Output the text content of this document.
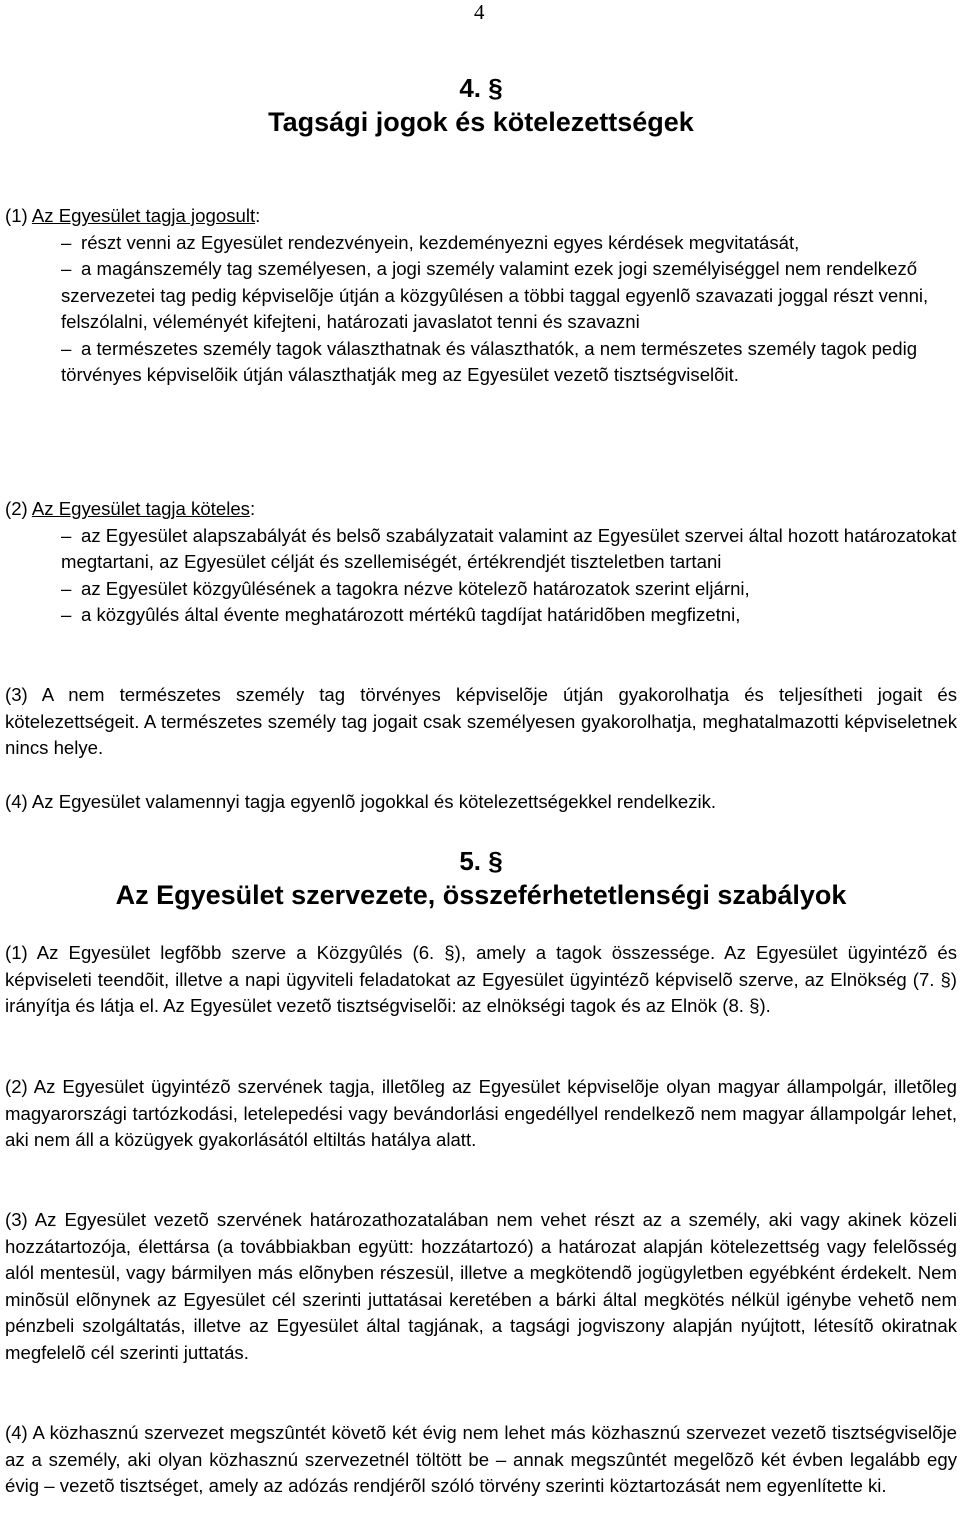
4
4. §
Tagsági jogok és kötelezettségek
(1) Az Egyesület tagja jogosult:
– részt venni az Egyesület rendezvényein, kezdeményezni egyes kérdések megvitatását,
– a magánszemély tag személyesen, a jogi személy valamint ezek jogi személyiséggel nem rendelkező szervezetei tag pedig képviselõje útján a közgyûlésen a többi taggal egyenlõ szavazati joggal részt venni, felszólalni, véleményét kifejteni, határozati javaslatot tenni és szavazni
– a természetes személy tagok választhatnak és választhatók, a nem természetes személy tagok pedig törvényes képviselõik útján választhatják meg az Egyesület vezetõ tisztségviselõit.
(2) Az Egyesület tagja köteles:
– az Egyesület alapszabályát és belsõ szabályzatait valamint az Egyesület szervei által hozott határozatokat megtartani, az Egyesület célját és szellemiségét, értékrendjét tiszteletben tartani
– az Egyesület közgyûlésének a tagokra nézve kötelezõ határozatok szerint eljárni,
– a közgyûlés által évente meghatározott mértékû tagdíjat határidõben megfizetni,

(3) A nem természetes személy tag törvényes képviselõje útján gyakorolhatja és teljesítheti jogait és kötelezettségeit. A természetes személy tag jogait csak személyesen gyakorolhatja, meghatalmazotti képviseletnek nincs helye.

(4) Az Egyesület valamennyi tagja egyenlõ jogokkal és kötelezettségekkel rendelkezik.

5. §
Az Egyesület szervezete, összeférhetetlenségi szabályok

(1) Az Egyesület legfõbb szerve a Közgyûlés (6. §), amely a tagok összessége. Az Egyesület ügyintézõ és képviseleti teendõit, illetve a napi ügyviteli feladatokat az Egyesület ügyintézõ képviselõ szerve, az Elnökség (7. §) irányítja és látja el. Az Egyesület vezetõ tisztségviselõi: az elnökségi tagok és az Elnök (8. §).

(2) Az Egyesület ügyintézõ szervének tagja, illetõleg az Egyesület képviselõje olyan magyar állampolgár, illetõleg magyarországi tartózkodási, letelepedési vagy bevándorlási engedéllyel rendelkezõ nem magyar állampolgár lehet, aki nem áll a közügyek gyakorlásától eltiltás hatálya alatt.

(3) Az Egyesület vezetõ szervének határozathozatalában nem vehet részt az a személy, aki vagy akinek közeli hozzátartozója, élettársa (a továbbiakban együtt: hozzátartozó) a határozat alapján kötelezettség vagy felelõsség alól mentesül, vagy bármilyen más elõnyben részesül, illetve a megkötendõ jogügyletben egyébként érdekelt. Nem minõsül elõnynek az Egyesület cél szerinti juttatásai keretében a bárki által megkötés nélkül igénybe vehetõ nem pénzbeli szolgáltatás, illetve az Egyesület által tagjának, a tagsági jogviszony alapján nyújtott, létesítõ okiratnak megfelelõ cél szerinti juttatás.

(4) A közhasznú szervezet megszûntét követõ két évig nem lehet más közhasznú szervezet vezetõ tisztségviselõje az a személy, aki olyan közhasznú szervezetnél töltött be – annak megszûntét megelõzõ két évben legalább egy évig – vezetõ tisztséget, amely az adózás rendjérõl szóló törvény szerinti köztartozását nem egyenlítette ki.
